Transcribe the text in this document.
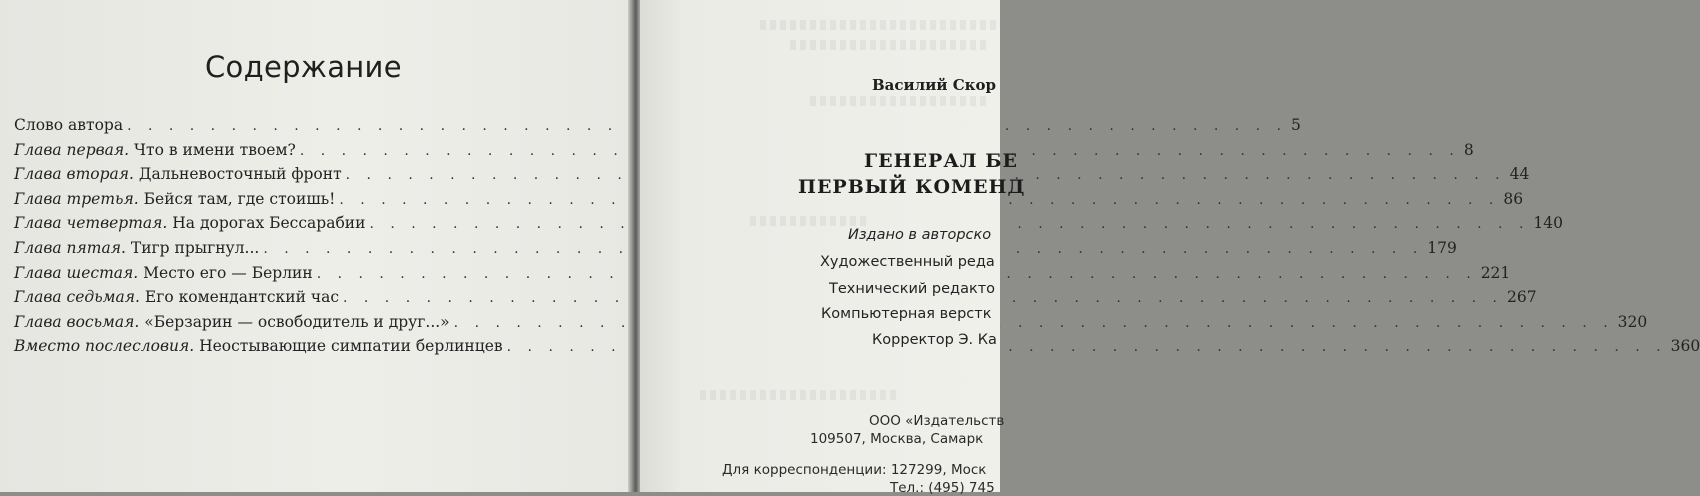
Содержание
Слово автора . . .	5
Глава первая. Что в имени твоем? . . .	8
Глава вторая. Дальневосточный фронт . . .	44
Глава третья. Бейся там, где стоишь! . . .	86
Глава четвертая. На дорогах Бессарабии . . .	140
Глава пятая. Тигр прыгнул... . . .	179
Глава шестая. Место его — Берлин . . .	221
Глава седьмая. Его комендантский час . . .	267
Глава восьмая. «Берзарин — освободитель и друг...» . . .	320
Вместо послесловия. Неостывающие симпатии берлинцев . . .	360
Василий Скор
ГЕНЕРАЛ БЕ
ПЕРВЫЙ КОМЕНД
Издано в авторско
Художественный реда
Технический редакто
Компьютерная верстк
Корректор Э. Ка
ООО «Издательств
109507, Москва, Самарк
Для корреспонденции: 127299, Моск
Тел.: (495) 745
